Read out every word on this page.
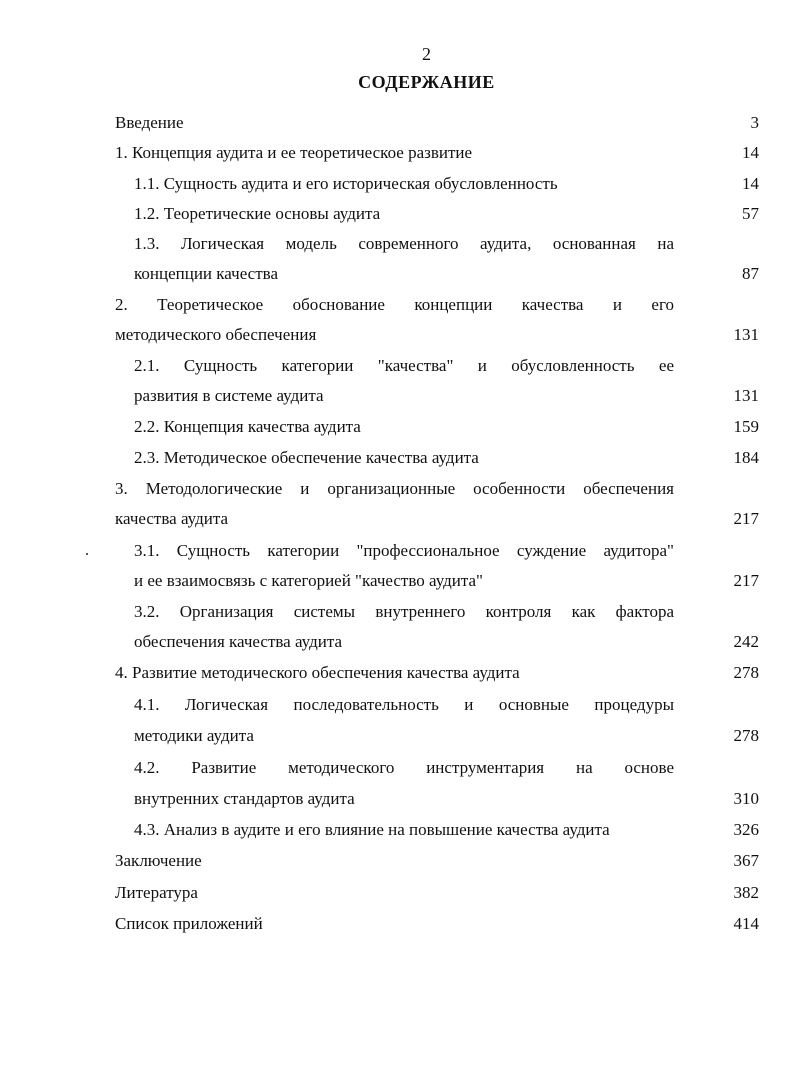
2
СОДЕРЖАНИЕ
Введение	3
1. Концепция аудита и ее теоретическое развитие	14
1.1. Сущность аудита и его историческая обусловленность	14
1.2. Теоретические основы аудита	57
1.3. Логическая модель современного аудита, основанная на
концепции качества	87
2. Теоретическое обоснование концепции качества и его
методического обеспечения	131
2.1. Сущность категории "качества" и обусловленность ее
развития в системе аудита	131
2.2. Концепция качества аудита	159
2.3. Методическое обеспечение качества аудита	184
3. Методологические и организационные особенности обеспечения
качества аудита	217
3.1. Сущность категории "профессиональное суждение аудитора"
и ее взаимосвязь с категорией "качество аудита"	217
3.2. Организация системы внутреннего контроля как фактора
обеспечения качества аудита	242
4. Развитие методического обеспечения качества аудита	278
4.1. Логическая последовательность и основные процедуры
методики аудита	278
4.2. Развитие методического инструментария на основе
внутренних стандартов аудита	310
4.3. Анализ в аудите и его влияние на повышение качества аудита	326
Заключение	367
Литература	382
Список приложений	414
